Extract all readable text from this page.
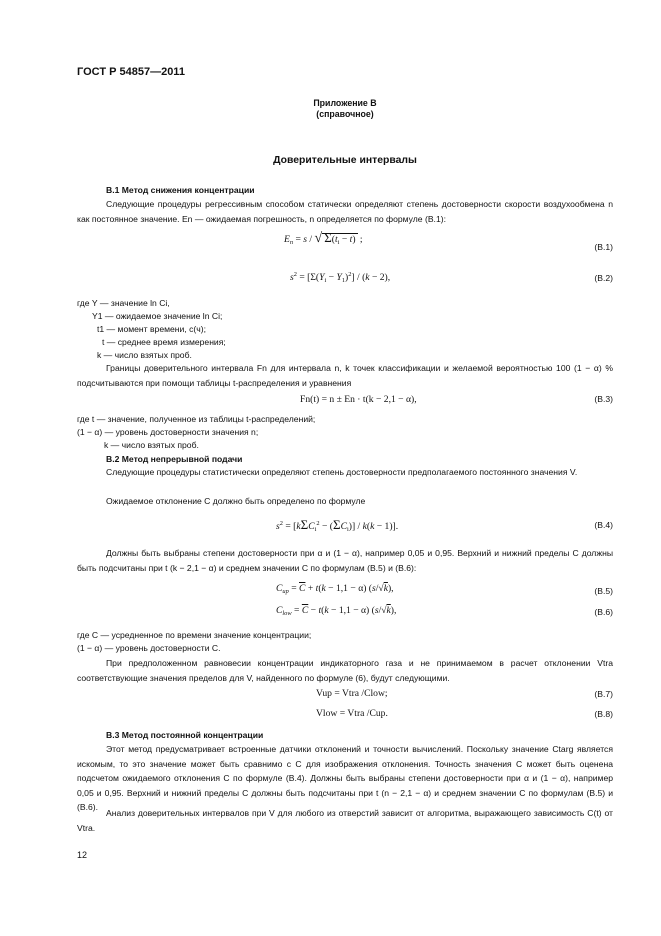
ГОСТ Р 54857—2011
Приложение В
(справочное)
Доверительные интервалы
В.1 Метод снижения концентрации
Следующие процедуры регрессивным способом статически определяют степень достоверности скорости воздухообмена n как постоянное значение. En — ожидаемая погрешность, n определяется по формуле (В.1):
$E_n = s$ / √ $\Sigma(t_i - t)$ ;
(В.1)
$s^2 = [\Sigma(Y_i - Y_1)^2] / (k - 2)$,	(В.2)
где Y — значение ln Ci,
Y1 — ожидаемое значение ln Ci;
t1 — момент времени, с(ч);
t — среднее время измерения;
k — число взятых проб.
Границы доверительного интервала Fn для интервала n, k точек классификации и желаемой вероятностью 100 (1 − α) % подсчитываются при помощи таблицы t-распределения и уравнения
Fn(t) = n ± En · t(k − 2,1 − α),	(В.3)
где t — значение, полученное из таблицы t-распределений;
(1 − α) — уровень достоверности значения n;
k — число взятых проб.
В.2 Метод непрерывной подачи
Следующие процедуры статистически определяют степень достоверности предполагаемого постоянного значения V.
Ожидаемое отклонение C должно быть определено по формуле
$s^2 = [k\Sigma C_i^2 - (\Sigma C_i)] / k(k - 1)$].	(В.4)
Должны быть выбраны степени достоверности при α и (1 − α), например 0,05 и 0,95. Верхний и нижний пределы C должны быть подсчитаны при t (k − 2,1 − α) и среднем значении C по формулам (В.5) и (В.6):
$C_{up} = \overline{C} + t(k - 1,1 - \alpha)$ (s/√k),	(В.5)
$C_{low} = \overline{C} - t(k - 1,1 - \alpha)$ (s/√k),	(В.6)
где C — усредненное по времени значение концентрации;
(1 − α) — уровень достоверности C.
При предположенном равновесии концентрации индикаторного газа и не принимаемом в расчет отклонении Vtra соответствующие значения пределов для V, найденного по формуле (6), будут следующими.
Vup = Vtra /Clow;	(В.7)
Vlow = Vtra /Cup.	(В.8)
В.3 Метод постоянной концентрации
Этот метод предусматривает встроенные датчики отклонений и точности вычислений. Поскольку значение Ctarg является искомым, то это значение может быть сравнимо с C для изображения отклонения. Точность значения C может быть оценена подсчетом ожидаемого отклонения C по формуле (В.4). Должны быть выбраны степени достоверности при α и (1 − α), например 0,05 и 0,95. Верхний и нижний пределы C должны быть подсчитаны при t (n − 2,1 − α) и среднем значении C по формулам (В.5) и (В.6).
Анализ доверительных интервалов при V для любого из отверстий зависит от алгоритма, выражающего зависимость C(t) от Vtra.
12
